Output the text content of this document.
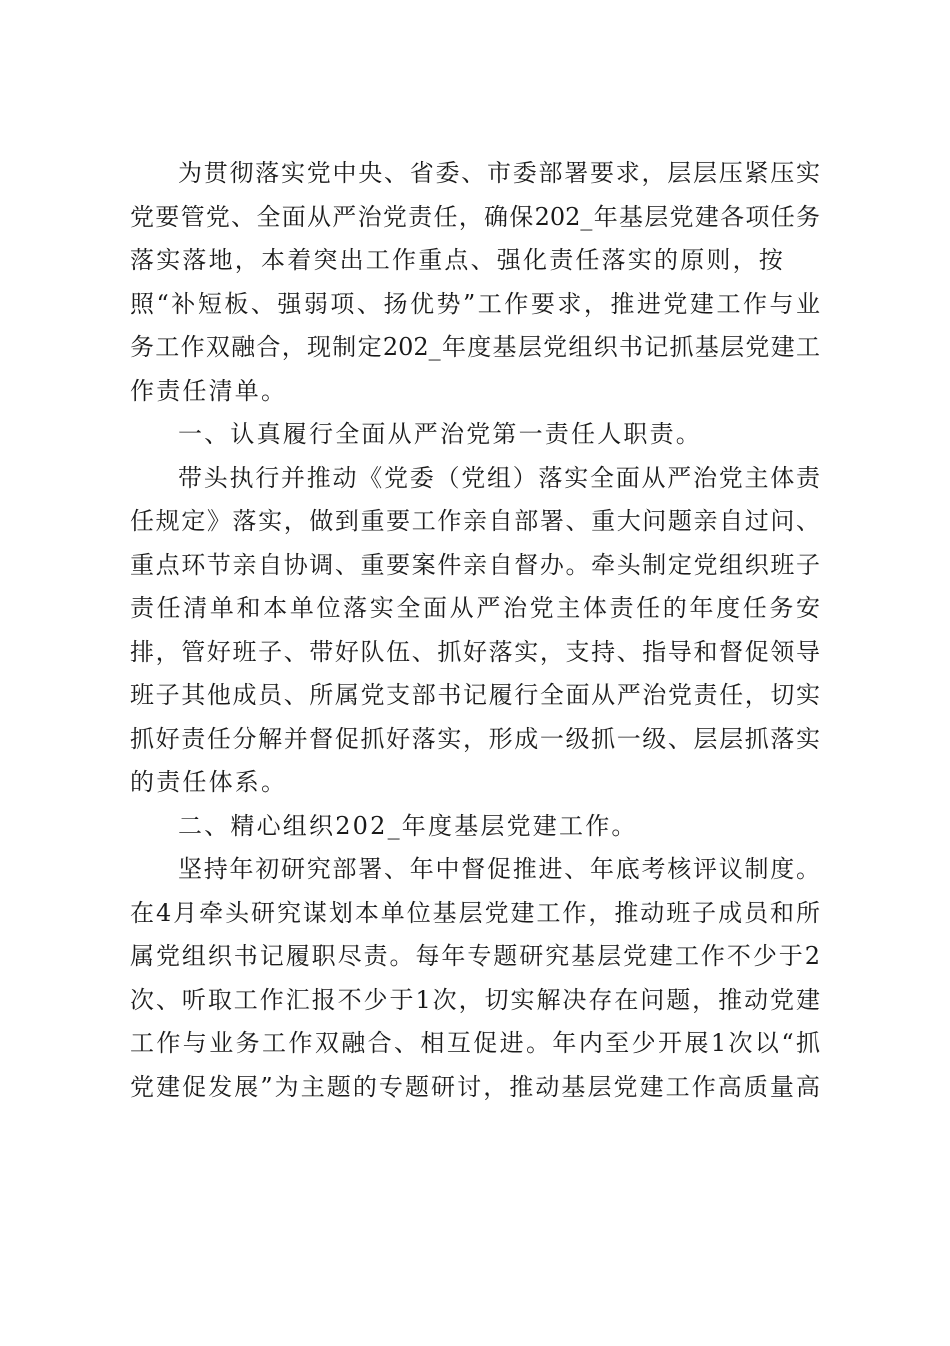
为贯彻落实党中央、省委、市委部署要求，层层压紧压实
党要管党、全面从严治党责任，确保202_年基层党建各项任务
落实落地，本着突出工作重点、强化责任落实的原则，按
照“补短板、强弱项、扬优势”工作要求，推进党建工作与业
务工作双融合，现制定202_年度基层党组织书记抓基层党建工
作责任清单。
一、认真履行全面从严治党第一责任人职责。
带头执行并推动《党委（党组）落实全面从严治党主体责
任规定》落实，做到重要工作亲自部署、重大问题亲自过问、
重点环节亲自协调、重要案件亲自督办。牵头制定党组织班子
责任清单和本单位落实全面从严治党主体责任的年度任务安
排，管好班子、带好队伍、抓好落实，支持、指导和督促领导
班子其他成员、所属党支部书记履行全面从严治党责任，切实
抓好责任分解并督促抓好落实，形成一级抓一级、层层抓落实
的责任体系。
二、精心组织202_年度基层党建工作。
坚持年初研究部署、年中督促推进、年底考核评议制度。
在4月牵头研究谋划本单位基层党建工作，推动班子成员和所
属党组织书记履职尽责。每年专题研究基层党建工作不少于2
次、听取工作汇报不少于1次，切实解决存在问题，推动党建
工作与业务工作双融合、相互促进。年内至少开展1次以“抓
党建促发展”为主题的专题研讨，推动基层党建工作高质量高
